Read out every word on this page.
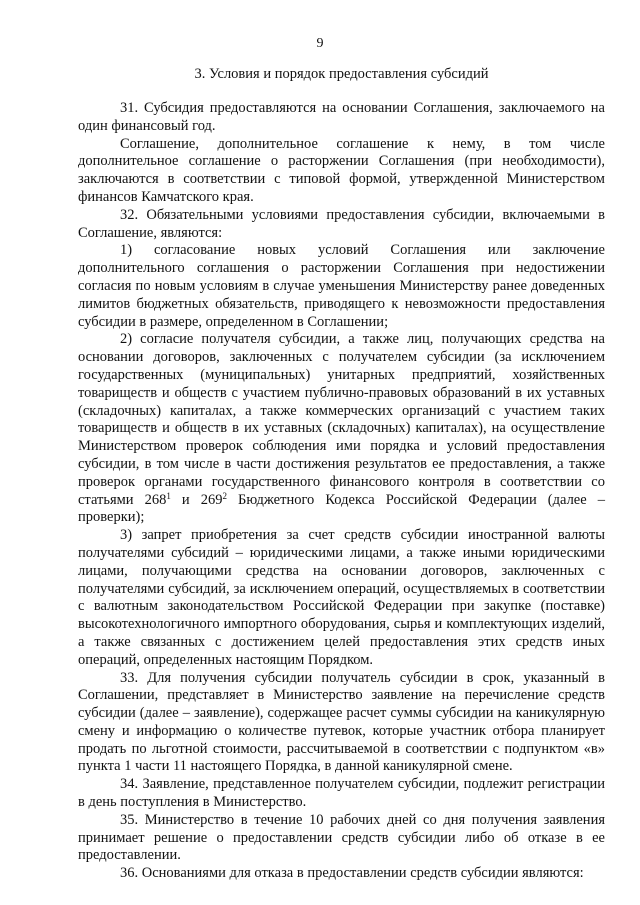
9
3. Условия и порядок предоставления субсидий

31. Субсидия предоставляются на основании Соглашения, заключаемого на один финансовый год.

Соглашение, дополнительное соглашение к нему, в том числе дополнительное соглашение о расторжении Соглашения (при необходимости), заключаются в соответствии с типовой формой, утвержденной Министерством финансов Камчатского края.

32. Обязательными условиями предоставления субсидии, включаемыми в Соглашение, являются:

1) согласование новых условий Соглашения или заключение дополнительного соглашения о расторжении Соглашения при недостижении согласия по новым условиям в случае уменьшения Министерству ранее доведенных лимитов бюджетных обязательств, приводящего к невозможности предоставления субсидии в размере, определенном в Соглашении;

2) согласие получателя субсидии, а также лиц, получающих средства на основании договоров, заключенных с получателем субсидии (за исключением государственных (муниципальных) унитарных предприятий, хозяйственных товариществ и обществ с участием публично-правовых образований в их уставных (складочных) капиталах, а также коммерческих организаций с участием таких товариществ и обществ в их уставных (складочных) капиталах), на осуществление Министерством проверок соблюдения ими порядка и условий предоставления субсидии, в том числе в части достижения результатов ее предоставления, а также проверок органами государственного финансового контроля в соответствии со статьями $268^1$ и $269^2$ Бюджетного Кодекса Российской Федерации (далее – проверки);

3) запрет приобретения за счет средств субсидии иностранной валюты получателями субсидий – юридическими лицами, а также иными юридическими лицами, получающими средства на основании договоров, заключенных с получателями субсидий, за исключением операций, осуществляемых в соответствии с валютным законодательством Российской Федерации при закупке (поставке) высокотехнологичного импортного оборудования, сырья и комплектующих изделий, а также связанных с достижением целей предоставления этих средств иных операций, определенных настоящим Порядком.

33. Для получения субсидии получатель субсидии в срок, указанный в Соглашении, представляет в Министерство заявление на перечисление средств субсидии (далее – заявление), содержащее расчет суммы субсидии на каникулярную смену и информацию о количестве путевок, которые участник отбора планирует продать по льготной стоимости, рассчитываемой в соответствии с подпунктом «в» пункта 1 части 11 настоящего Порядка, в данной каникулярной смене.

34. Заявление, представленное получателем субсидии, подлежит регистрации в день поступления в Министерство.

35. Министерство в течение 10 рабочих дней со дня получения заявления принимает решение о предоставлении средств субсидии либо об отказе в ее предоставлении.

36. Основаниями для отказа в предоставлении средств субсидии являются:
